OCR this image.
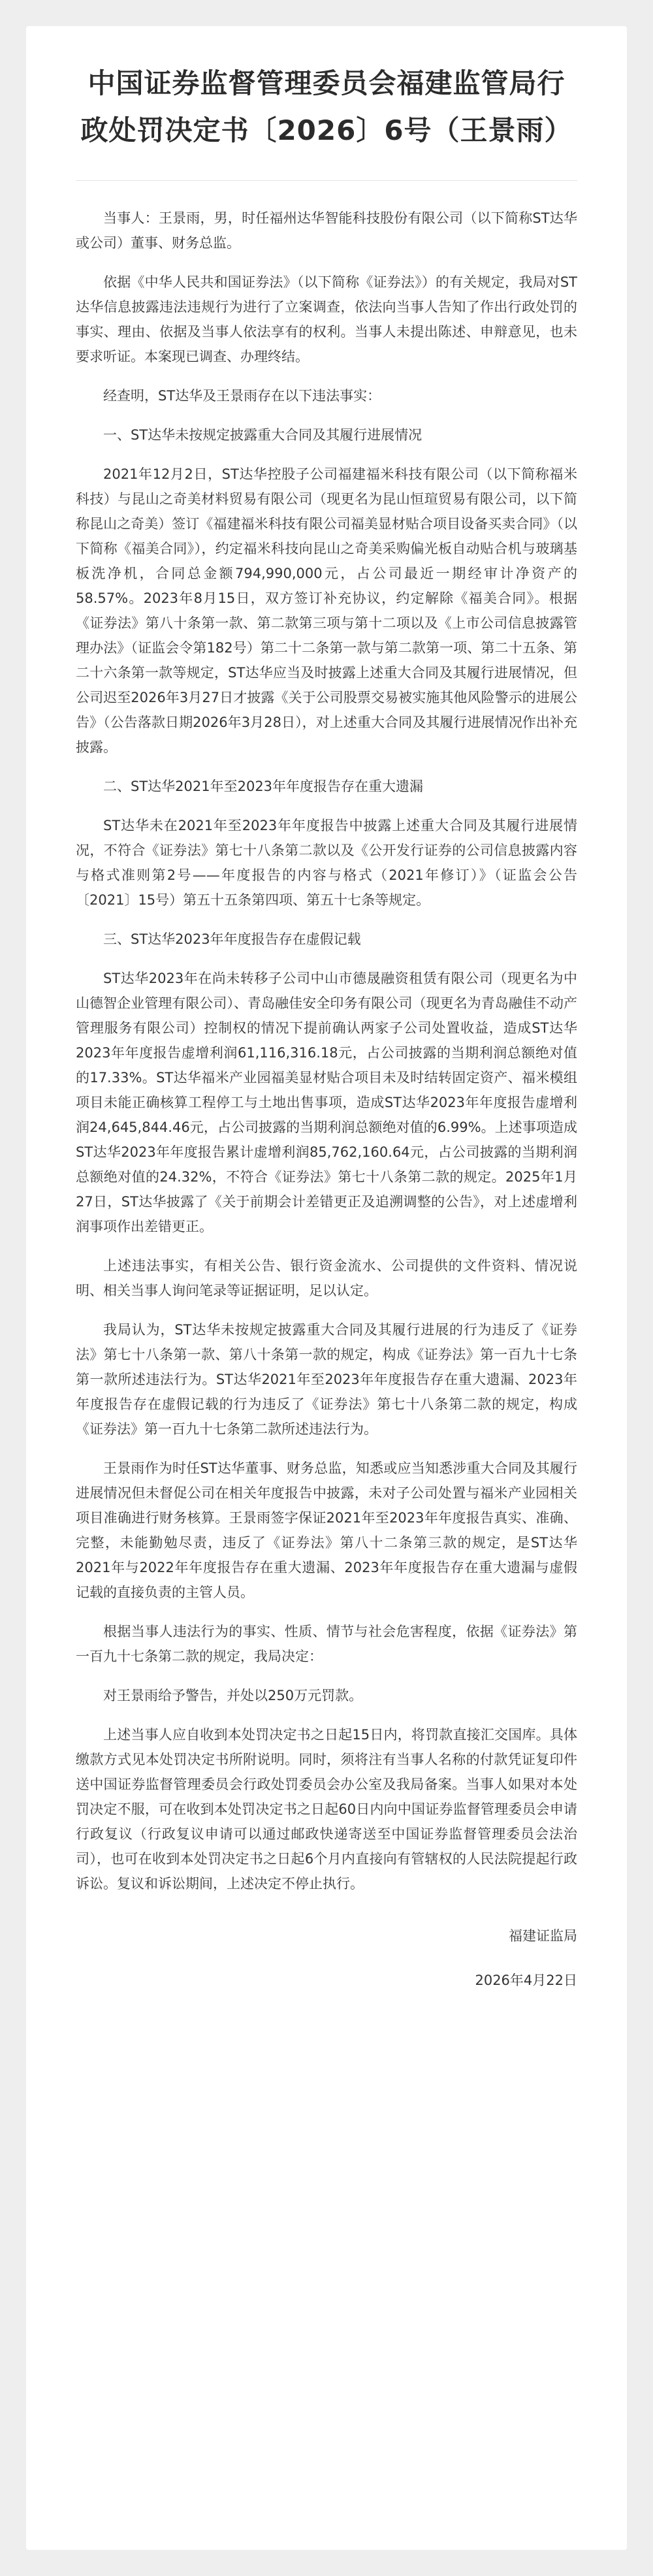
中国证券监督管理委员会福建监管局行政处罚决定书〔2026〕6号（王景雨）

当事人：王景雨，男，时任福州达华智能科技股份有限公司（以下简称ST达华或公司）董事、财务总监。

依据《中华人民共和国证券法》（以下简称《证券法》）的有关规定，我局对ST达华信息披露违法违规行为进行了立案调查，依法向当事人告知了作出行政处罚的事实、理由、依据及当事人依法享有的权利。当事人未提出陈述、申辩意见，也未要求听证。本案现已调查、办理终结。

经查明，ST达华及王景雨存在以下违法事实：

一、ST达华未按规定披露重大合同及其履行进展情况

2021年12月2日，ST达华控股子公司福建福米科技有限公司（以下简称福米科技）与昆山之奇美材料贸易有限公司（现更名为昆山恒瑄贸易有限公司，以下简称昆山之奇美）签订《福建福米科技有限公司福美显材贴合项目设备买卖合同》（以下简称《福美合同》），约定福米科技向昆山之奇美采购偏光板自动贴合机与玻璃基板洗净机，合同总金额794,990,000元，占公司最近一期经审计净资产的58.57%。2023年8月15日，双方签订补充协议，约定解除《福美合同》。根据《证券法》第八十条第一款、第二款第三项与第十二项以及《上市公司信息披露管理办法》（证监会令第182号）第二十二条第一款与第二款第一项、第二十五条、第二十六条第一款等规定，ST达华应当及时披露上述重大合同及其履行进展情况，但公司迟至2026年3月27日才披露《关于公司股票交易被实施其他风险警示的进展公告》（公告落款日期2026年3月28日），对上述重大合同及其履行进展情况作出补充披露。

二、ST达华2021年至2023年年度报告存在重大遗漏

ST达华未在2021年至2023年年度报告中披露上述重大合同及其履行进展情况，不符合《证券法》第七十八条第二款以及《公开发行证券的公司信息披露内容与格式准则第2号——年度报告的内容与格式（2021年修订）》（证监会公告〔2021〕15号）第五十五条第四项、第五十七条等规定。

三、ST达华2023年年度报告存在虚假记载

ST达华2023年在尚未转移子公司中山市德晟融资租赁有限公司（现更名为中山德智企业管理有限公司）、青岛融佳安全印务有限公司（现更名为青岛融佳不动产管理服务有限公司）控制权的情况下提前确认两家子公司处置收益，造成ST达华2023年年度报告虚增利润61,116,316.18元，占公司披露的当期利润总额绝对值的17.33%。ST达华福米产业园福美显材贴合项目未及时结转固定资产、福米模组项目未能正确核算工程停工与土地出售事项，造成ST达华2023年年度报告虚增利润24,645,844.46元，占公司披露的当期利润总额绝对值的6.99%。上述事项造成ST达华2023年年度报告累计虚增利润85,762,160.64元，占公司披露的当期利润总额绝对值的24.32%，不符合《证券法》第七十八条第二款的规定。2025年1月27日，ST达华披露了《关于前期会计差错更正及追溯调整的公告》，对上述虚增利润事项作出差错更正。

上述违法事实，有相关公告、银行资金流水、公司提供的文件资料、情况说明、相关当事人询问笔录等证据证明，足以认定。

我局认为，ST达华未按规定披露重大合同及其履行进展的行为违反了《证券法》第七十八条第一款、第八十条第一款的规定，构成《证券法》第一百九十七条第一款所述违法行为。ST达华2021年至2023年年度报告存在重大遗漏、2023年年度报告存在虚假记载的行为违反了《证券法》第七十八条第二款的规定，构成《证券法》第一百九十七条第二款所述违法行为。

王景雨作为时任ST达华董事、财务总监，知悉或应当知悉涉重大合同及其履行进展情况但未督促公司在相关年度报告中披露，未对子公司处置与福米产业园相关项目准确进行财务核算。王景雨签字保证2021年至2023年年度报告真实、准确、完整，未能勤勉尽责，违反了《证券法》第八十二条第三款的规定，是ST达华2021年与2022年年度报告存在重大遗漏、2023年年度报告存在重大遗漏与虚假记载的直接负责的主管人员。

根据当事人违法行为的事实、性质、情节与社会危害程度，依据《证券法》第一百九十七条第二款的规定，我局决定：

对王景雨给予警告，并处以250万元罚款。

上述当事人应自收到本处罚决定书之日起15日内，将罚款直接汇交国库。具体缴款方式见本处罚决定书所附说明。同时，须将注有当事人名称的付款凭证复印件送中国证券监督管理委员会行政处罚委员会办公室及我局备案。当事人如果对本处罚决定不服，可在收到本处罚决定书之日起60日内向中国证券监督管理委员会申请行政复议（行政复议申请可以通过邮政快递寄送至中国证券监督管理委员会法治司），也可在收到本处罚决定书之日起6个月内直接向有管辖权的人民法院提起行政诉讼。复议和诉讼期间，上述决定不停止执行。

福建证监局
2026年4月22日
